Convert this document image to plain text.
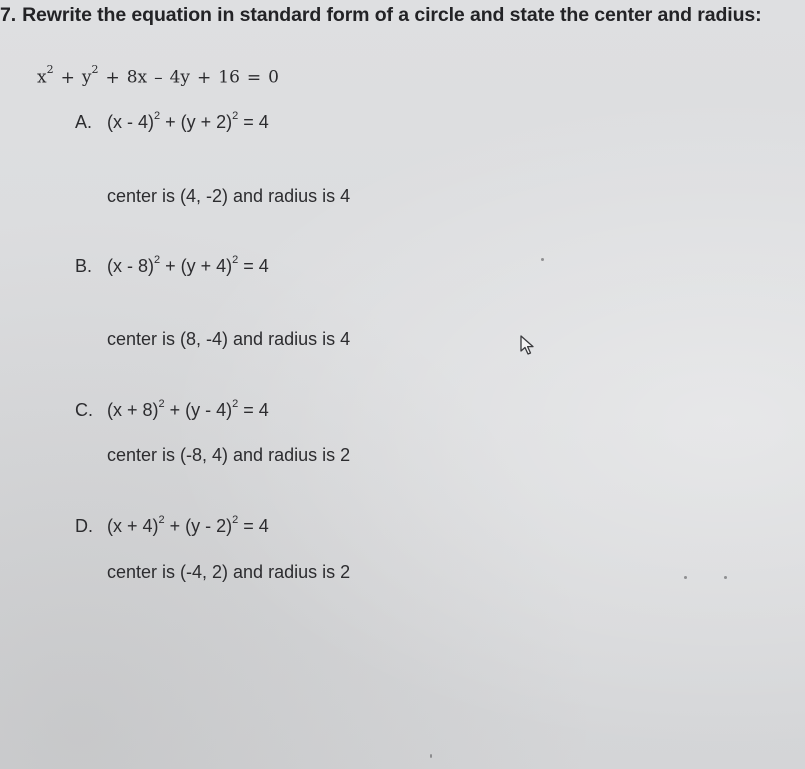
7. Rewrite the equation in standard form of a circle and state the center and radius:
$x^2 + y^2 + 8x - 4y + 16 = 0$
A. $(x - 4)^2 + (y + 2)^2 = 4$
center is (4, -2) and radius is 4
B. $(x - 8)^2 + (y + 4)^2 = 4$
center is (8, -4) and radius is 4
C. $(x + 8)^2 + (y - 4)^2 = 4$
center is (-8, 4) and radius is 2
D. $(x + 4)^2 + (y - 2)^2 = 4$
center is (-4, 2) and radius is 2
